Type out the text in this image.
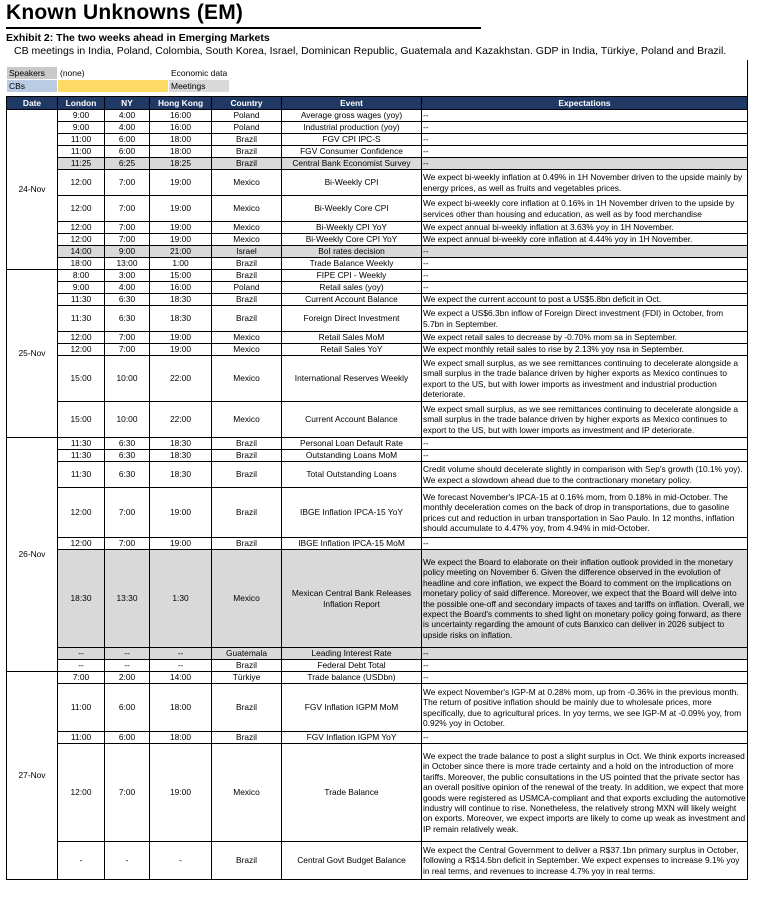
Known Unknowns (EM)
Exhibit 2: The two weeks ahead in Emerging Markets
CB meetings in India, Poland, Colombia, South Korea, Israel, Dominican Republic, Guatemala and Kazakhstan. GDP in India, Türkiye, Poland and Brazil.
Speakers	(none)	Economic data
CBs		Meetings
Date	London	NY	Hong Kong	Country	Event	Expectations
24-Nov	9:00	4:00	16:00	Poland	Average gross wages (yoy)	--
	9:00	4:00	16:00	Poland	Industrial production (yoy)	--
	11:00	6:00	18:00	Brazil	FGV CPI IPC-S	--
	11:00	6:00	18:00	Brazil	FGV Consumer Confidence	--
	11:25	6:25	18:25	Brazil	Central Bank Economist Survey	--
	12:00	7:00	19:00	Mexico	Bi-Weekly CPI	We expect bi-weekly inflation at 0.49% in 1H November driven to the upside mainly by energy prices, as well as fruits and vegetables prices.
	12:00	7:00	19:00	Mexico	Bi-Weekly Core CPI	We expect bi-weekly core inflation at 0.16% in 1H November driven to the upside by services other than housing and education, as well as by food merchandise
	12:00	7:00	19:00	Mexico	Bi-Weekly CPI YoY	We expect annual bi-weekly inflation at 3.63% yoy in 1H November.
	12:00	7:00	19:00	Mexico	Bi-Weekly Core CPI YoY	We expect annual bi-weekly core inflation at 4.44% yoy in 1H November.
	14:00	9:00	21:00	Israel	BoI rates decision	--
	18:00	13:00	1:00	Brazil	Trade Balance Weekly	--
25-Nov	8:00	3:00	15:00	Brazil	FIPE CPI - Weekly	--
	9:00	4:00	16:00	Poland	Retail sales (yoy)	--
	11:30	6:30	18:30	Brazil	Current Account Balance	We expect the current account to post a US$5.8bn deficit in Oct.
	11:30	6:30	18:30	Brazil	Foreign Direct Investment	We expect a US$6.3bn inflow of Foreign Direct investment (FDI) in October, from 5.7bn in September.
	12:00	7:00	19:00	Mexico	Retail Sales MoM	We expect retail sales to decrease by -0.70% mom sa in September.
	12:00	7:00	19:00	Mexico	Retail Sales YoY	We expect monthly retail sales to rise by 2.13% yoy nsa in September.
	15:00	10:00	22:00	Mexico	International Reserves Weekly	We expect small surplus, as we see remittances continuing to decelerate alongside a small surplus in the trade balance driven by higher exports as Mexico continues to export to the US, but with lower imports as investment and industrial production deteriorate.
	15:00	10:00	22:00	Mexico	Current Account Balance	We expect small surplus, as we see remittances continuing to decelerate alongside a small surplus in the trade balance driven by higher exports as Mexico continues to export to the US, but with lower imports as investment and IP deteriorate.
26-Nov	11:30	6:30	18:30	Brazil	Personal Loan Default Rate	--
	11:30	6:30	18:30	Brazil	Outstanding Loans MoM	--
	11:30	6:30	18:30	Brazil	Total Outstanding Loans	Credit volume should decelerate slightly in comparison with Sep's growth (10.1% yoy). We expect a slowdown ahead due to the contractionary monetary policy.
	12:00	7:00	19:00	Brazil	IBGE Inflation IPCA-15 YoY	We forecast November's IPCA-15 at 0.16% mom, from 0.18% in mid-October. The monthly deceleration comes on the back of drop in transportations, due to gasoline prices cut and reduction in urban transportation in Sao Paulo. In 12 months, inflation should accumulate to 4.47% yoy, from 4.94% in mid-October.
	12:00	7:00	19:00	Brazil	IBGE Inflation IPCA-15 MoM	--
	18:30	13:30	1:30	Mexico	Mexican Central Bank Releases Inflation Report	We expect the Board to elaborate on their inflation outlook provided in the monetary policy meeting on November 6. Given the difference observed in the evolution of headline and core inflation, we expect the Board to comment on the implications on monetary policy of said difference. Moreover, we expect that the Board will delve into the possible one-off and secondary impacts of taxes and tariffs on inflation. Overall, we expect the Board's comments to shed light on monetary policy going forward, as there is uncertainty regarding the amount of cuts Banxico can deliver in 2026 subject to upside risks on inflation.
	--	--	--	Guatemala	Leading Interest Rate	--
	--	--	--	Brazil	Federal Debt Total	--
27-Nov	7:00	2:00	14:00	Türkiye	Trade balance (USDbn)	--
	11:00	6:00	18:00	Brazil	FGV Inflation IGPM MoM	We expect November's IGP-M at 0.28% mom, up from -0.36% in the previous month. The return of positive inflation should be mainly due to wholesale prices, more specifically, due to agricultural prices. In yoy terms, we see IGP-M at -0.09% yoy, from 0.92% yoy in October.
	11:00	6:00	18:00	Brazil	FGV Inflation IGPM YoY	--
	12:00	7:00	19:00	Mexico	Trade Balance	We expect the trade balance to post a slight surplus in Oct. We think exports increased in October since there is more trade certainty and a hold on the introduction of more tariffs. Moreover, the public consultations in the US pointed that the private sector has an overall positive opinion of the renewal of the treaty. In addition, we expect that more goods were registered as USMCA-compliant and that exports excluding the automotive industry will continue to rise. Nonetheless, the relatively strong MXN will likely weight on exports. Moreover, we expect imports are likely to come up weak as investment and IP remain relatively weak.
	-	-	-	Brazil	Central Govt Budget Balance	We expect the Central Government to deliver a R$37.1bn primary surplus in October, following a R$14.5bn deficit in September. We expect expenses to increase 9.1% yoy in real terms, and revenues to increase 4.7% yoy in real terms.
